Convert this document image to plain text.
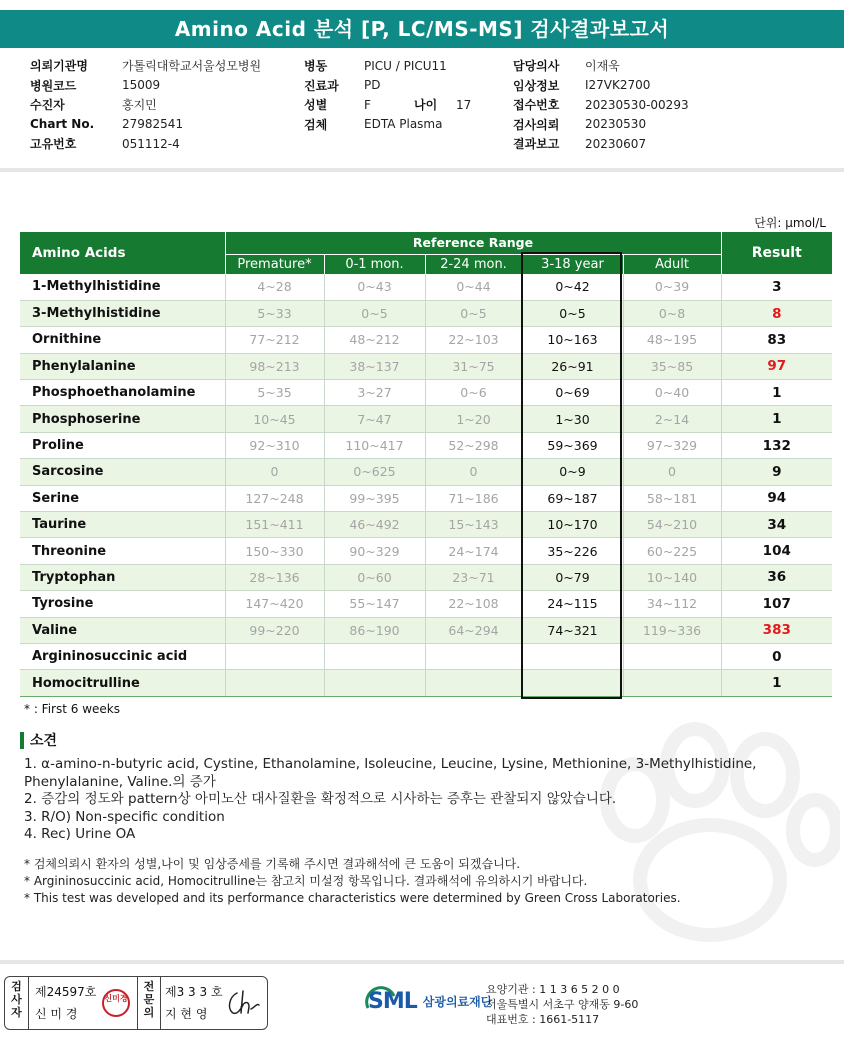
Amino Acid 분석 [P, LC/MS-MS] 검사결과보고서
의뢰기관명	가톨릭대학교서울성모병원
병원코드	15009
수진자	홍지민
Chart No.	27982541
고유번호	051112-4
병동	PICU / PICU11
진료과	PD
성별	F	나이	17
검체	EDTA Plasma
담당의사	이재욱
임상정보	I27VK2700
접수번호	20230530-00293
검사의뢰	20230530
결과보고	20230607
단위: μmol/L
Amino Acids	Reference Range					Result
	Premature*	0-1 mon.	2-24 mon.	3-18 year	Adult	
1-Methylhistidine	4~28	0~43	0~44	0~42	0~39	3
3-Methylhistidine	5~33	0~5	0~5	0~5	0~8	8
Ornithine	77~212	48~212	22~103	10~163	48~195	83
Phenylalanine	98~213	38~137	31~75	26~91	35~85	97
Phosphoethanolamine	5~35	3~27	0~6	0~69	0~40	1
Phosphoserine	10~45	7~47	1~20	1~30	2~14	1
Proline	92~310	110~417	52~298	59~369	97~329	132
Sarcosine	0	0~625	0	0~9	0	9
Serine	127~248	99~395	71~186	69~187	58~181	94
Taurine	151~411	46~492	15~143	10~170	54~210	34
Threonine	150~330	90~329	24~174	35~226	60~225	104
Tryptophan	28~136	0~60	23~71	0~79	10~140	36
Tyrosine	147~420	55~147	22~108	24~115	34~112	107
Valine	99~220	86~190	64~294	74~321	119~336	383
Argininosuccinic acid						0
Homocitrulline						1
* : First 6 weeks
소견
1. α-amino-n-butyric acid, Cystine, Ethanolamine, Isoleucine, Leucine, Lysine, Methionine, 3-Methylhistidine, Phenylalanine, Valine.의 증가
2. 증감의 정도와 pattern상 아미노산 대사질환을 확정적으로 시사하는 증후는 관찰되지 않았습니다.
3. R/O) Non-specific condition
4. Rec) Urine OA
* 검체의뢰시 환자의 성별,나이 및 임상증세를 기록해 주시면 결과해석에 큰 도움이 되겠습니다.
* Argininosuccinic acid, Homocitrulline는 참고치 미설정 항목입니다. 결과해석에 유의하시기 바랍니다.
* This test was developed and its performance characteristics were determined by Green Cross Laboratories.
검
사
자
제24597호
신 미 경
신미경
전
문
의
제3 3 3 호
지 현 영
SML 삼광의료재단
요양기관 : 1 1 3 6 5 2 0 0
서울특별시 서초구 양재동 9-60
대표번호 : 1661-5117
